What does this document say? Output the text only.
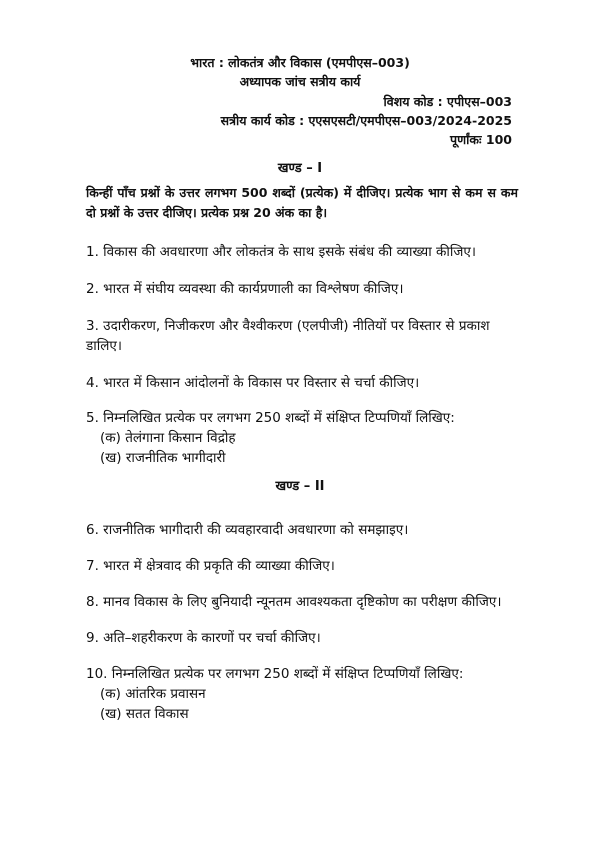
भारत : लोकतंत्र और विकास (एमपीएस–003)
अध्यापक जांच सत्रीय कार्य
विशय कोड : एपीएस–003
सत्रीय कार्य कोड : एएसएसटी/एमपीएस–003/2024-2025
पूर्णांकः 100
खण्ड – I
किन्हीं पाँच प्रश्नों के उत्तर लगभग 500 शब्दों (प्रत्येक) में दीजिए। प्रत्येक भाग से कम स कम दो प्रश्नों के उत्तर दीजिए। प्रत्येक प्रश्न 20 अंक का है।
1. विकास की अवधारणा और लोकतंत्र के साथ इसके संबंध की व्याख्या कीजिए।
2. भारत में संघीय व्यवस्था की कार्यप्रणाली का विश्लेषण कीजिए।
3. उदारीकरण, निजीकरण और वैश्वीकरण (एलपीजी) नीतियों पर विस्तार से प्रकाश डालिए।
4. भारत में किसान आंदोलनों के विकास पर विस्तार से चर्चा कीजिए।
5. निम्नलिखित प्रत्येक पर लगभग 250 शब्दों में संक्षिप्त टिप्पणियाँ लिखिए:
(क) तेलंगाना किसान विद्रोह
(ख) राजनीतिक भागीदारी
खण्ड – II
6. राजनीतिक भागीदारी की व्यवहारवादी अवधारणा को समझाइए।
7. भारत में क्षेत्रवाद की प्रकृति की व्याख्या कीजिए।
8. मानव विकास के लिए बुनियादी न्यूनतम आवश्यकता दृष्टिकोण का परीक्षण कीजिए।
9. अति–शहरीकरण के कारणों पर चर्चा कीजिए।
10. निम्नलिखित प्रत्येक पर लगभग 250 शब्दों में संक्षिप्त टिप्पणियाँ लिखिए:
(क) आंतरिक प्रवासन
(ख) सतत विकास
